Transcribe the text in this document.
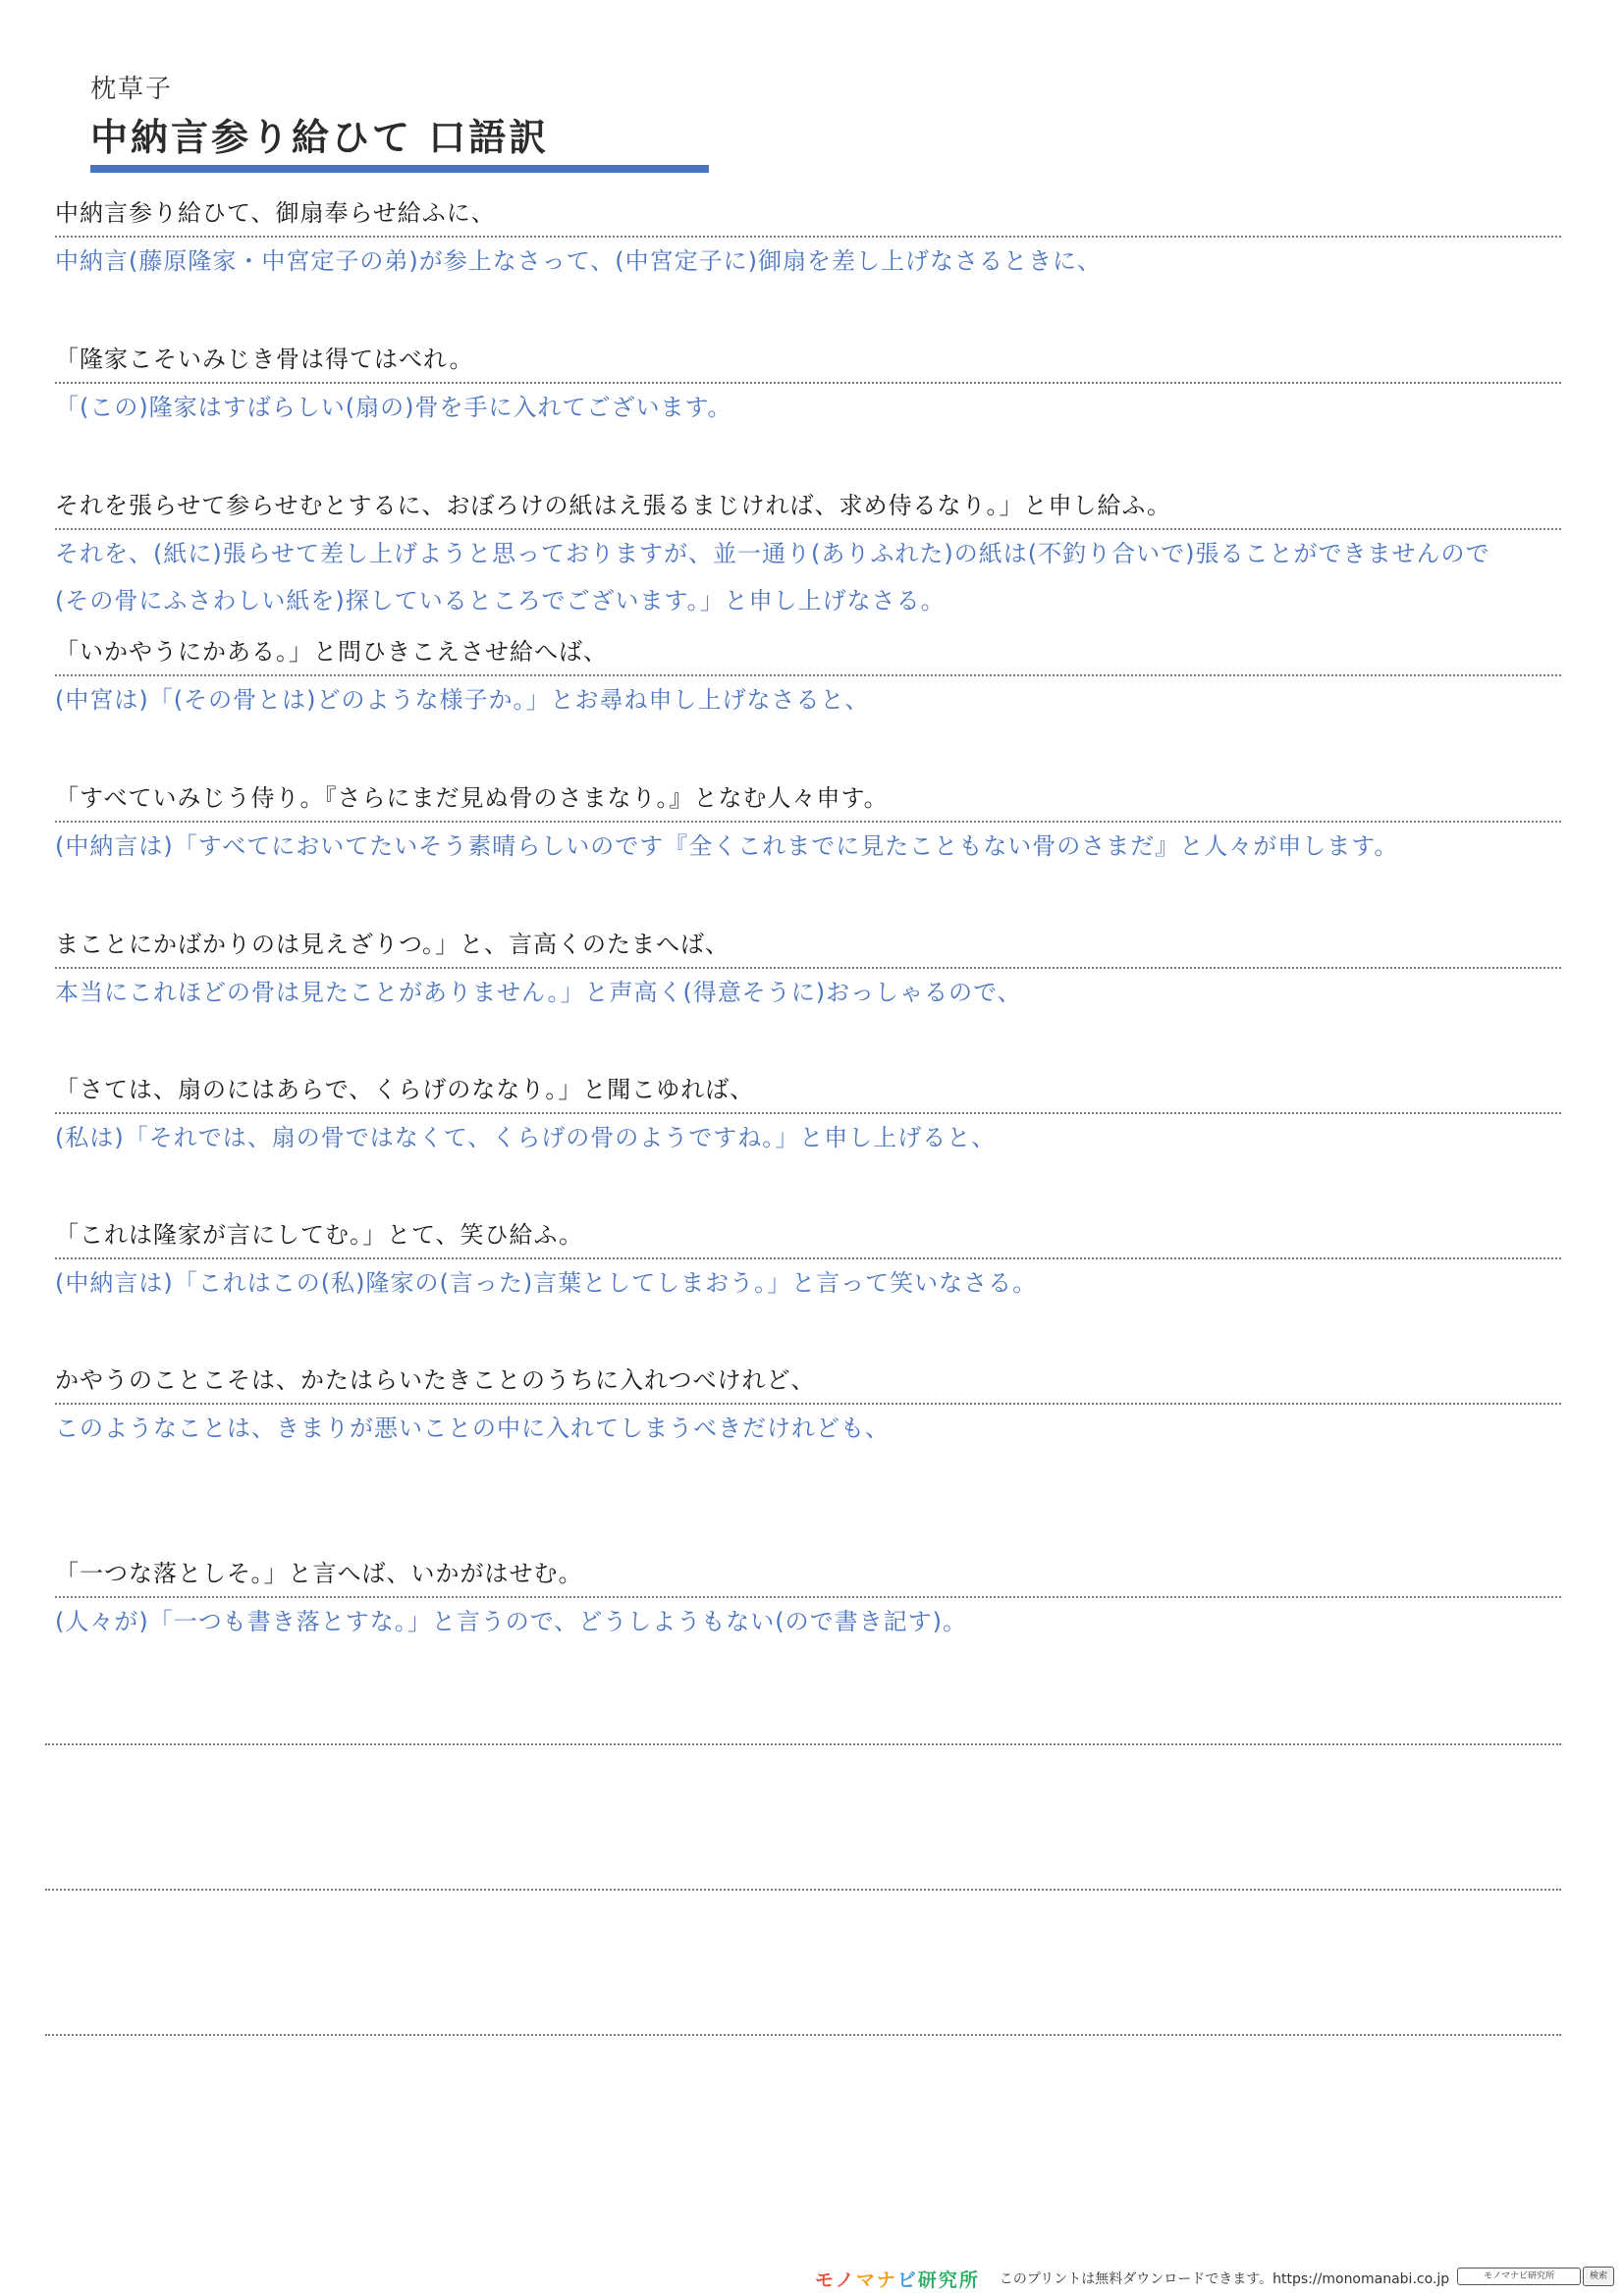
枕草子
中納言参り給ひて 口語訳
中納言参り給ひて、御扇奉らせ給ふに、
中納言(藤原隆家・中宮定子の弟)が参上なさって、(中宮定子に)御扇を差し上げなさるときに、
「隆家こそいみじき骨は得てはべれ。
「(この)隆家はすばらしい(扇の)骨を手に入れてございます。
それを張らせて参らせむとするに、おぼろけの紙はえ張るまじければ、求め侍るなり。」と申し給ふ。
それを、(紙に)張らせて差し上げようと思っておりますが、並一通り(ありふれた)の紙は(不釣り合いで)張ることができませんので
(その骨にふさわしい紙を)探しているところでございます。」と申し上げなさる。
「いかやうにかある。」と問ひきこえさせ給へば、
(中宮は)「(その骨とは)どのような様子か。」とお尋ね申し上げなさると、
「すべていみじう侍り。『さらにまだ見ぬ骨のさまなり。』となむ人々申す。
(中納言は)「すべてにおいてたいそう素晴らしいのです『全くこれまでに見たこともない骨のさまだ』と人々が申します。
まことにかばかりのは見えざりつ。」と、言高くのたまへば、
本当にこれほどの骨は見たことがありません。」と声高く(得意そうに)おっしゃるので、
「さては、扇のにはあらで、くらげのななり。」と聞こゆれば、
(私は)「それでは、扇の骨ではなくて、くらげの骨のようですね。」と申し上げると、
「これは隆家が言にしてむ。」とて、笑ひ給ふ。
(中納言は)「これはこの(私)隆家の(言った)言葉としてしまおう。」と言って笑いなさる。
かやうのことこそは、かたはらいたきことのうちに入れつべけれど、
このようなことは、きまりが悪いことの中に入れてしまうべきだけれども、
「一つな落としそ。」と言へば、いかがはせむ。
(人々が)「一つも書き落とすな。」と言うので、どうしようもない(ので書き記す)。
モノマナビ研究所 このプリントは無料ダウンロードできます。https://monomanabi.co.jp	モノマナビ研究所	検索
